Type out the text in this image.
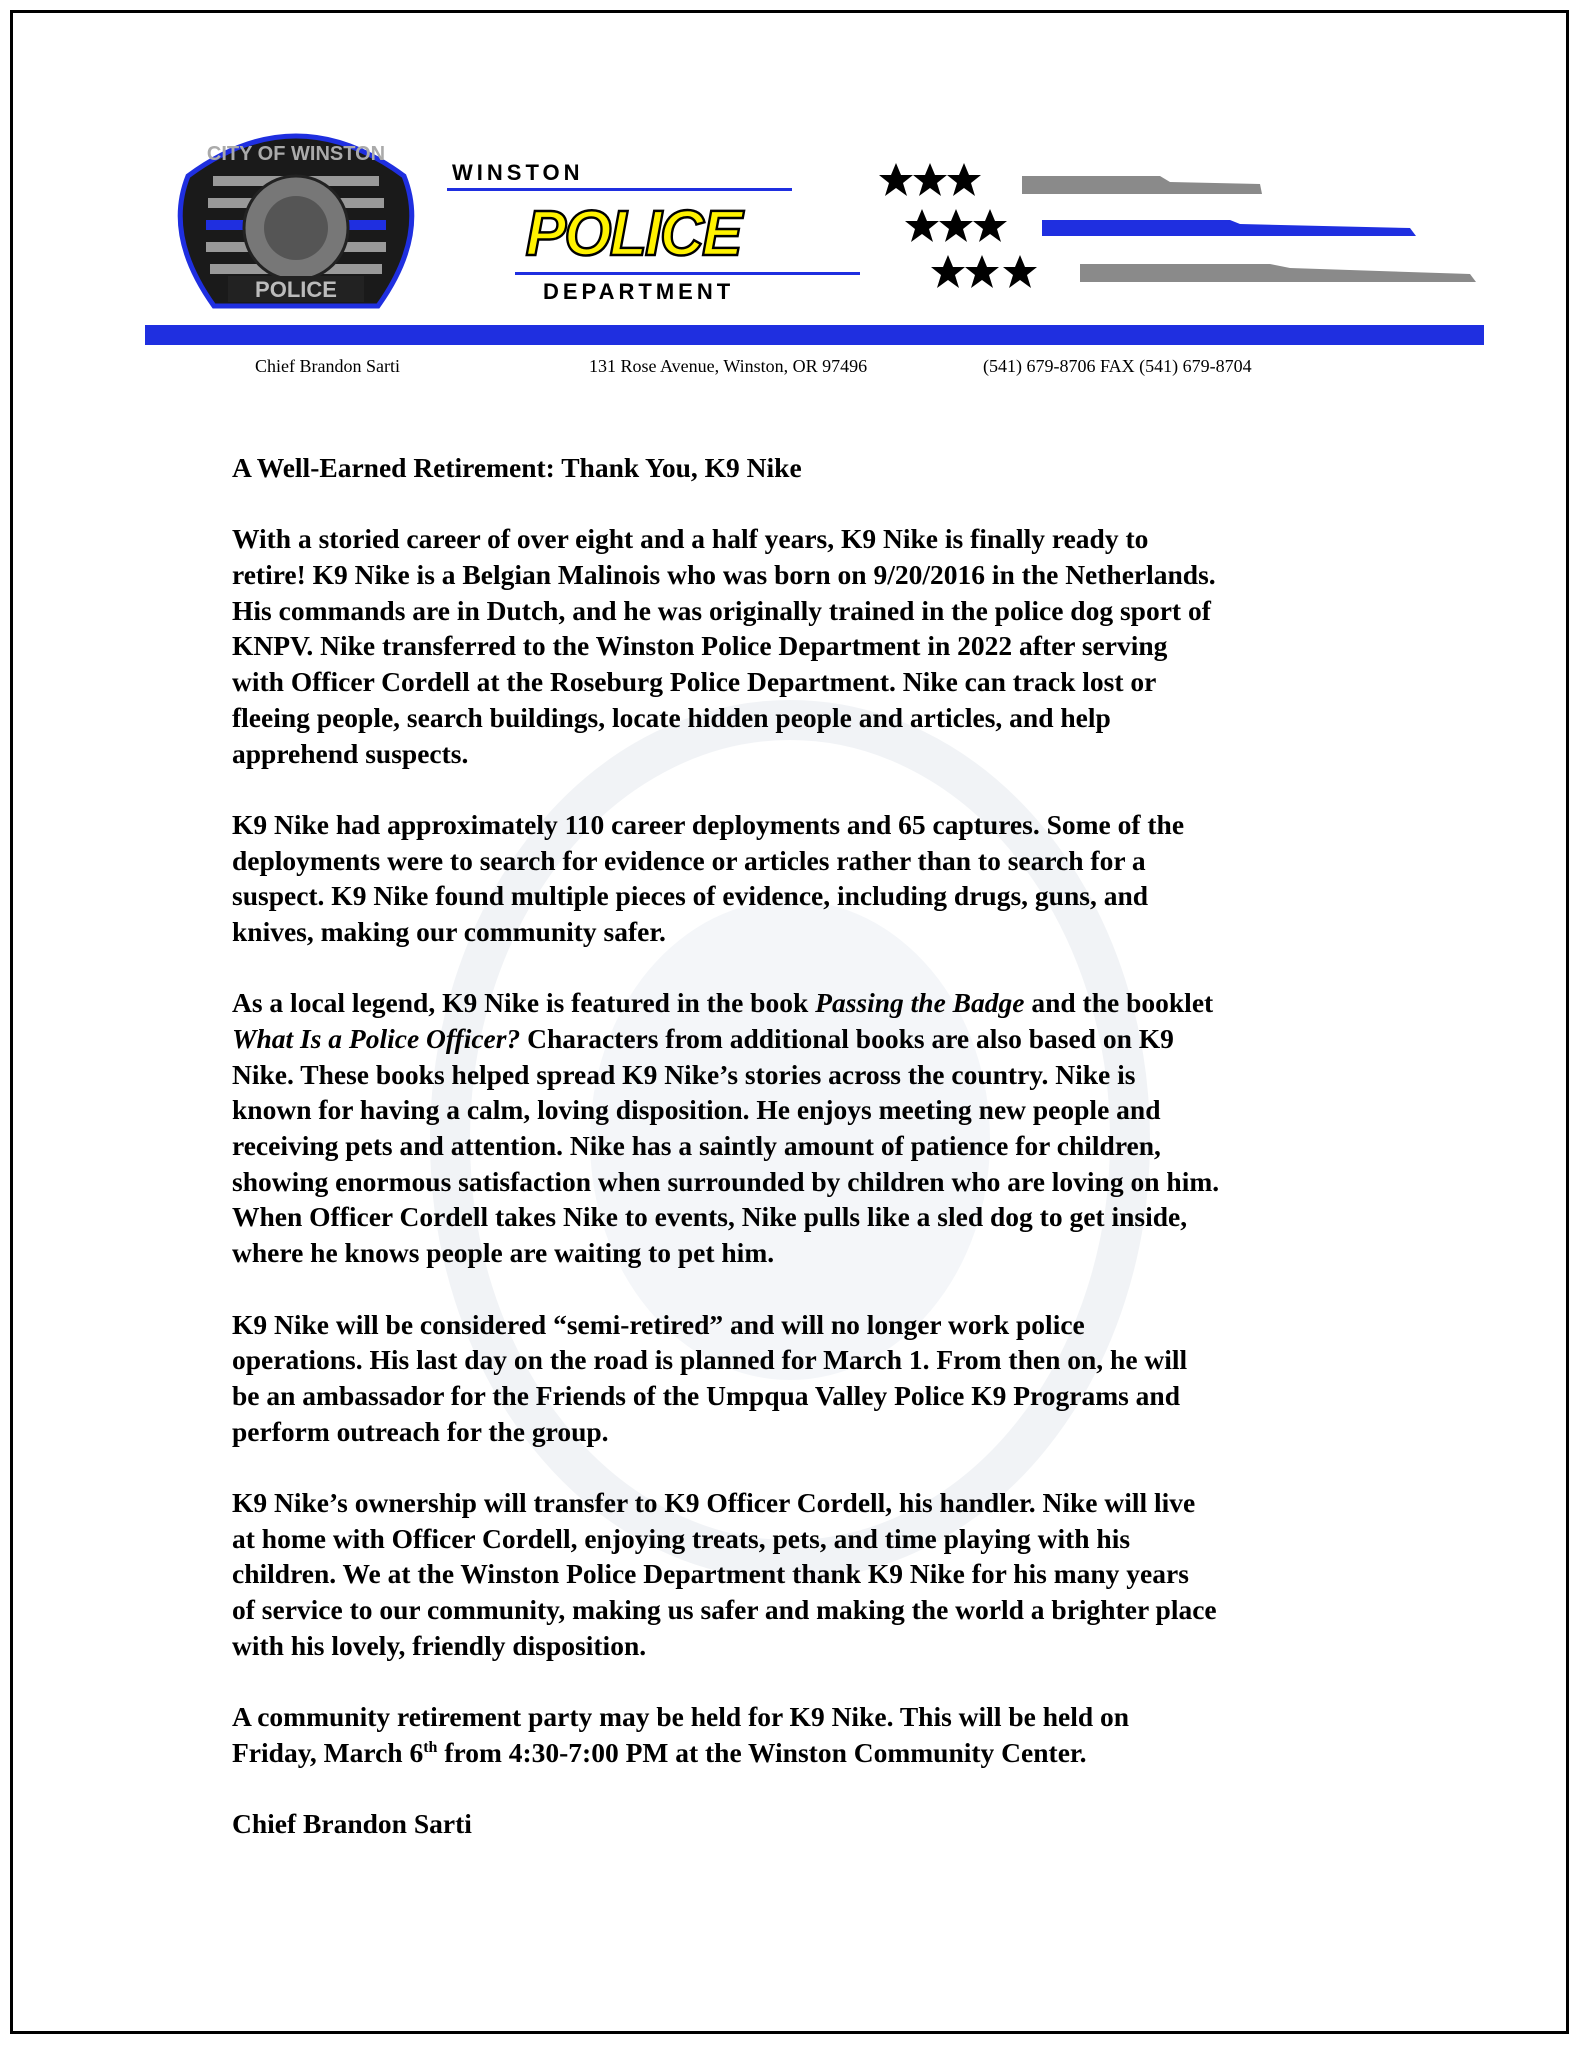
CITY OF WINSTON
POLICE
WINSTON
POLICE
DEPARTMENT
Chief Brandon Sarti	131 Rose Avenue, Winston, OR 97496	(541) 679-8706 FAX (541) 679-8704
A Well-Earned Retirement: Thank You, K9 Nike
With a storied career of over eight and a half years, K9 Nike is finally ready to
retire! K9 Nike is a Belgian Malinois who was born on 9/20/2016 in the Netherlands.
His commands are in Dutch, and he was originally trained in the police dog sport of
KNPV. Nike transferred to the Winston Police Department in 2022 after serving
with Officer Cordell at the Roseburg Police Department. Nike can track lost or
fleeing people, search buildings, locate hidden people and articles, and help
apprehend suspects.
K9 Nike had approximately 110 career deployments and 65 captures. Some of the
deployments were to search for evidence or articles rather than to search for a
suspect. K9 Nike found multiple pieces of evidence, including drugs, guns, and
knives, making our community safer.
As a local legend, K9 Nike is featured in the book Passing the Badge and the booklet
What Is a Police Officer? Characters from additional books are also based on K9
Nike. These books helped spread K9 Nike’s stories across the country. Nike is
known for having a calm, loving disposition. He enjoys meeting new people and
receiving pets and attention. Nike has a saintly amount of patience for children,
showing enormous satisfaction when surrounded by children who are loving on him.
When Officer Cordell takes Nike to events, Nike pulls like a sled dog to get inside,
where he knows people are waiting to pet him.
K9 Nike will be considered “semi-retired” and will no longer work police
operations. His last day on the road is planned for March 1. From then on, he will
be an ambassador for the Friends of the Umpqua Valley Police K9 Programs and
perform outreach for the group.
K9 Nike’s ownership will transfer to K9 Officer Cordell, his handler. Nike will live
at home with Officer Cordell, enjoying treats, pets, and time playing with his
children. We at the Winston Police Department thank K9 Nike for his many years
of service to our community, making us safer and making the world a brighter place
with his lovely, friendly disposition.
A community retirement party may be held for K9 Nike. This will be held on
Friday, March 6th from 4:30-7:00 PM at the Winston Community Center.
Chief Brandon Sarti
